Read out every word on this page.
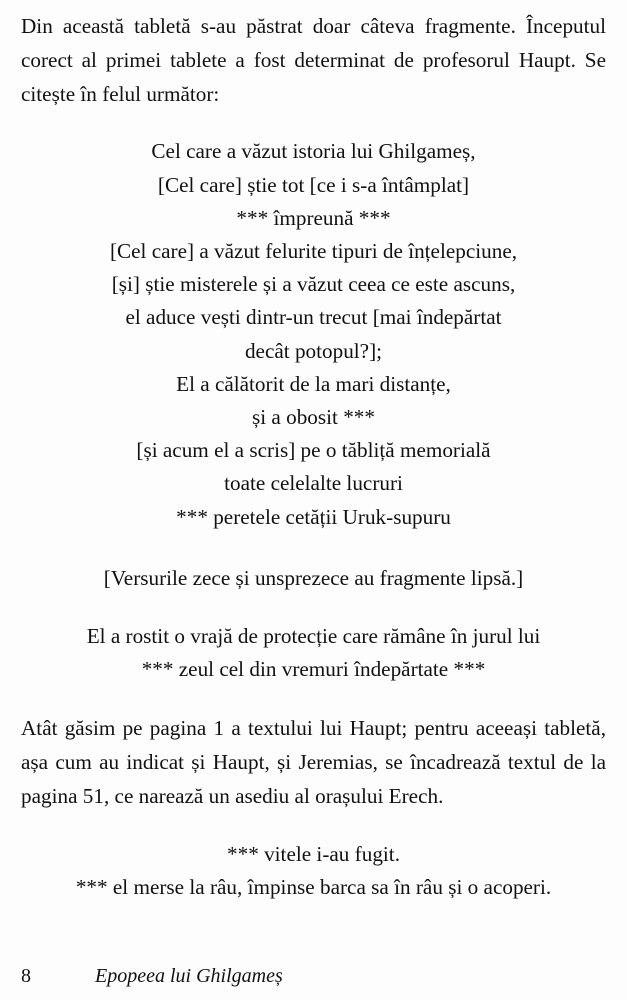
Din această tabletă s-au păstrat doar câteva fragmente. Începutul corect al primei tablete a fost determinat de profesorul Haupt. Se citește în felul următor:

Cel care a văzut istoria lui Ghilgameș,
[Cel care] știe tot [ce i s-a întâmplat]
*** împreună ***
[Cel care] a văzut felurite tipuri de înțelepciune,
[și] știe misterele și a văzut ceea ce este ascuns,
el aduce vești dintr-un trecut [mai îndepărtat
decât potopul?];
El a călătorit de la mari distanțe,
și a obosit ***
[și acum el a scris] pe o tăbliță memorială
toate celelalte lucruri
*** peretele cetății Uruk-supuru
[Versurile zece și unsprezece au fragmente lipsă.]
El a rostit o vrajă de protecție care rămâne în jurul lui
*** zeul cel din vremuri îndepărtate ***

Atât găsim pe pagina 1 a textului lui Haupt; pentru aceeași tabletă, așa cum au indicat și Haupt, și Jeremias, se încadrează textul de la pagina 51, ce narează un asediu al orașului Erech.

*** vitele i-au fugit.
*** el merse la râu, împinse barca sa în râu și o acoperi.
8	Epopeea lui Ghilgameș
